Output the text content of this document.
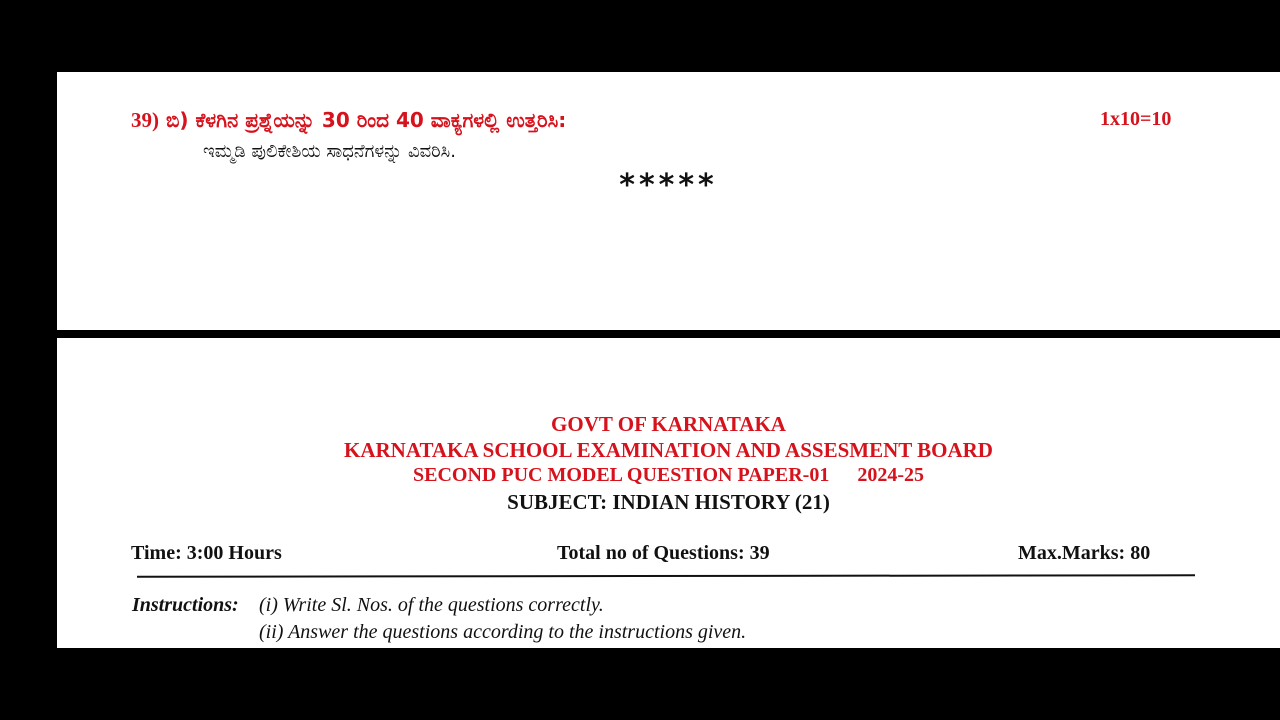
39) ಬಿ) ಕೆಳಗಿನ ಪ್ರಶ್ನೆಯನ್ನು 30 ರಿಂದ 40 ವಾಕ್ಯಗಳಲ್ಲಿ ಉತ್ತರಿಸಿ:	1x10=10
ಇಮ್ಮಡಿ ಪುಲಿಕೇಶಿಯ ಸಾಧನೆಗಳನ್ನು ವಿವರಿಸಿ.
*****
GOVT OF KARNATAKA
KARNATAKA SCHOOL EXAMINATION AND ASSESMENT BOARD
SECOND PUC MODEL QUESTION PAPER-01 2024-25
SUBJECT: INDIAN HISTORY (21)
Time: 3:00 Hours	Total no of Questions: 39	Max.Marks: 80
Instructions: (i) Write Sl. Nos. of the questions correctly.
(ii) Answer the questions according to the instructions given.
